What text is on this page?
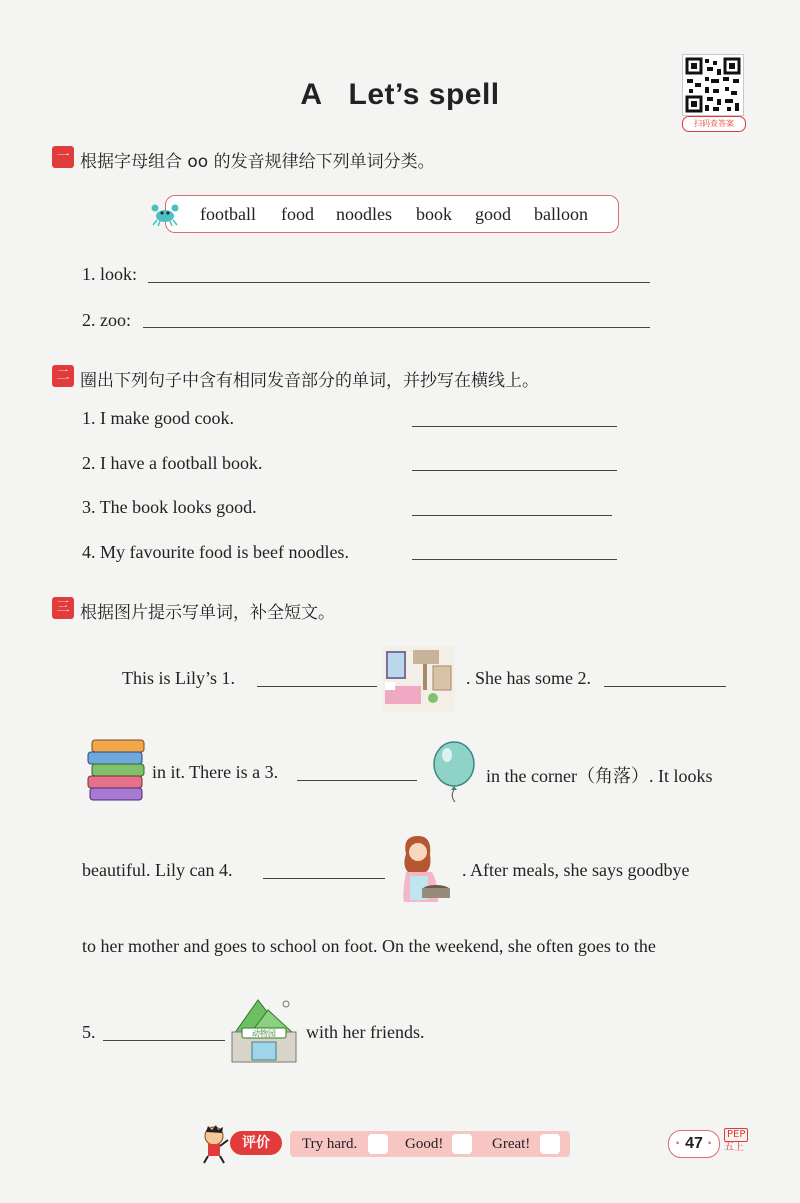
A Let’s spell
扫码查答案
一 根据字母组合 oo 的发音规律给下列单词分类。
football food noodles book good balloon
1. look:
2. zoo:
二 圈出下列句子中含有相同发音部分的单词，并抄写在横线上。
1. I make good cook.
2. I have a football book.
3. The book looks good.
4. My favourite food is beef noodles.
三 根据图片提示写单词，补全短文。
This is Lily’s 1.	. She has some 2.
in it. There is a 3.	in the corner（角落）. It looks
beautiful. Lily can 4.	. After meals, she says goodbye
to her mother and goes to school on foot. On the weekend, she often goes to the
5.	动物园 with her friends.
评价	Try hard.	Good!	Great!	· 47 ·
PEP
五上
